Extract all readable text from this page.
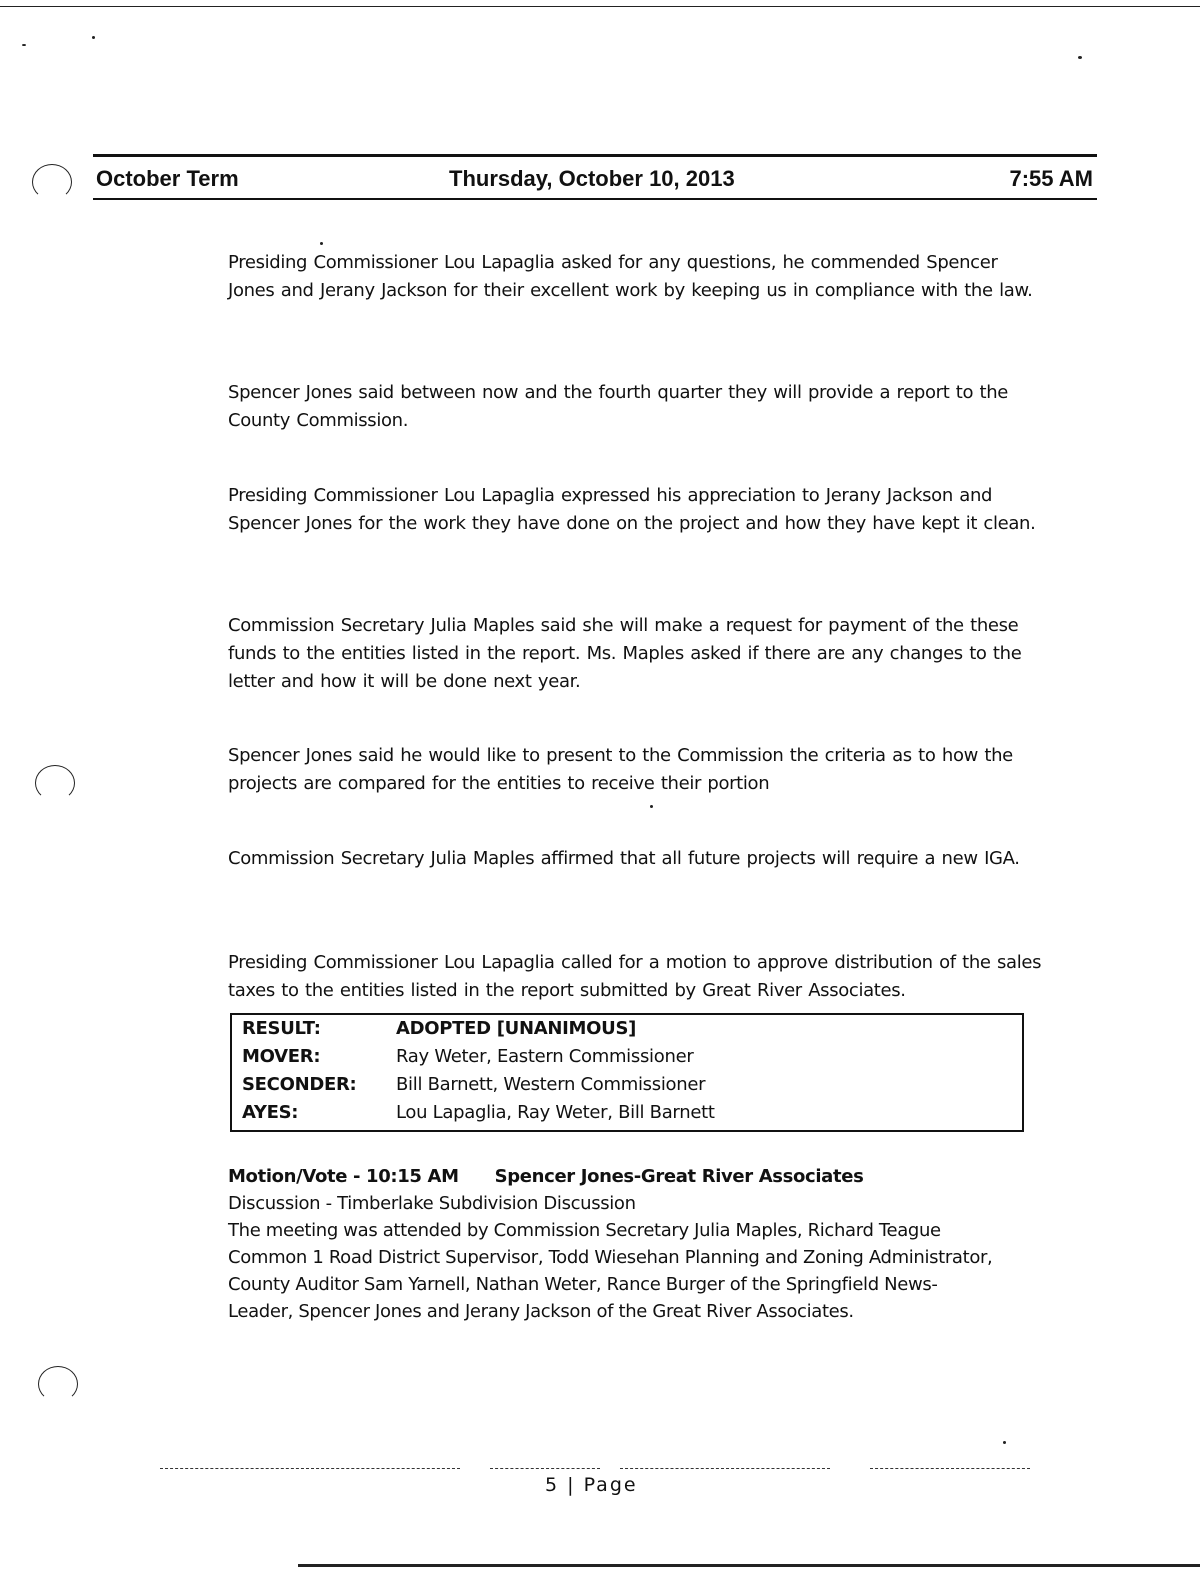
October Term	Thursday, October 10, 2013	7:55 AM

Presiding Commissioner Lou Lapaglia asked for any questions, he commended Spencer Jones and Jerany Jackson for their excellent work by keeping us in compliance with the law.

Spencer Jones said between now and the fourth quarter they will provide a report to the County Commission.

Presiding Commissioner Lou Lapaglia expressed his appreciation to Jerany Jackson and Spencer Jones for the work they have done on the project and how they have kept it clean.

Commission Secretary Julia Maples said she will make a request for payment of the these funds to the entities listed in the report. Ms. Maples asked if there are any changes to the letter and how it will be done next year.

Spencer Jones said he would like to present to the Commission the criteria as to how the projects are compared for the entities to receive their portion

Commission Secretary Julia Maples affirmed that all future projects will require a new IGA.

Presiding Commissioner Lou Lapaglia called for a motion to approve distribution of the sales taxes to the entities listed in the report submitted by Great River Associates.

RESULT:	ADOPTED [UNANIMOUS]
MOVER:	Ray Weter, Eastern Commissioner
SECONDER: Bill Barnett, Western Commissioner
AYES:	Lou Lapaglia, Ray Weter, Bill Barnett
Motion/Vote - 10:15 AM Spencer Jones-Great River Associates
Discussion - Timberlake Subdivision Discussion
The meeting was attended by Commission Secretary Julia Maples, Richard Teague
Common 1 Road District Supervisor, Todd Wiesehan Planning and Zoning Administrator,
County Auditor Sam Yarnell, Nathan Weter, Rance Burger of the Springfield News-
Leader, Spencer Jones and Jerany Jackson of the Great River Associates.
5 | Page
